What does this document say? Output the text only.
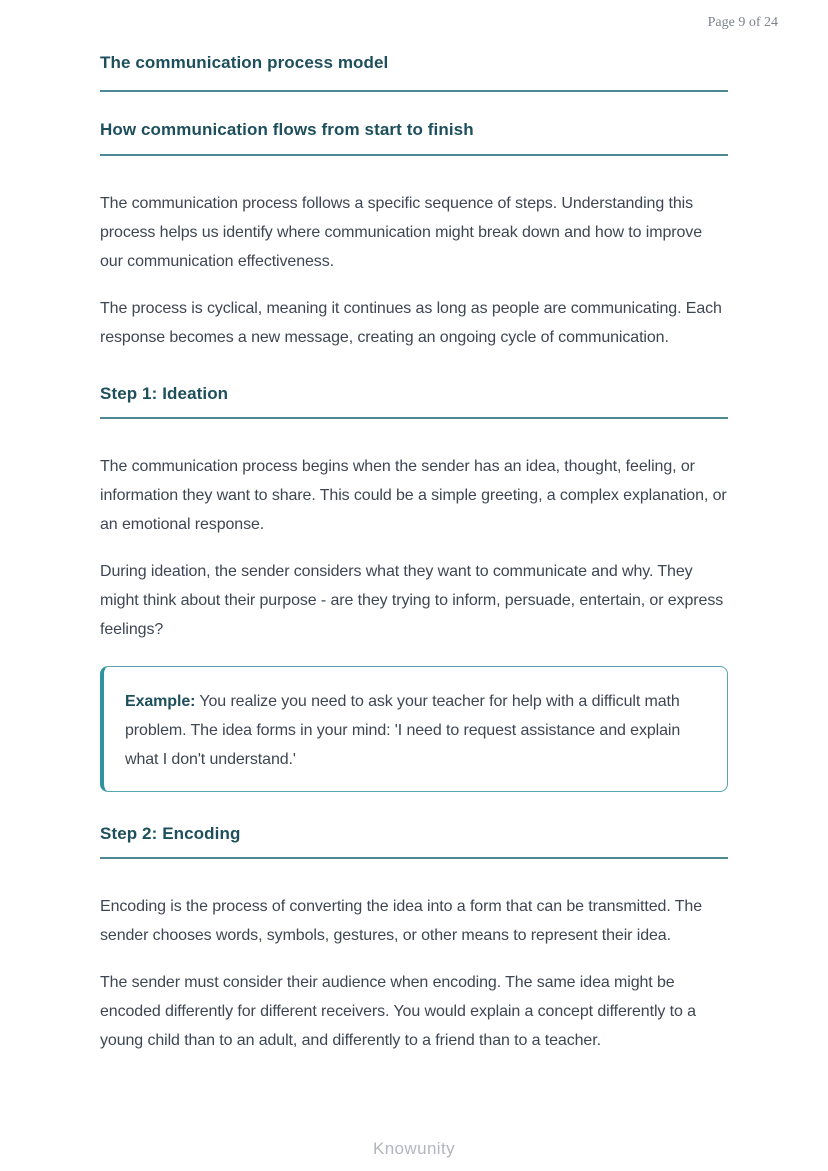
Page 9 of 24
The communication process model
How communication flows from start to finish

The communication process follows a specific sequence of steps. Understanding this process helps us identify where communication might break down and how to improve our communication effectiveness.

The process is cyclical, meaning it continues as long as people are communicating. Each response becomes a new message, creating an ongoing cycle of communication.

Step 1: Ideation

The communication process begins when the sender has an idea, thought, feeling, or information they want to share. This could be a simple greeting, a complex explanation, or an emotional response.

During ideation, the sender considers what they want to communicate and why. They might think about their purpose - are they trying to inform, persuade, entertain, or express feelings?

Example: You realize you need to ask your teacher for help with a difficult math problem. The idea forms in your mind: 'I need to request assistance and explain what I don't understand.'

Step 2: Encoding

Encoding is the process of converting the idea into a form that can be transmitted. The sender chooses words, symbols, gestures, or other means to represent their idea.

The sender must consider their audience when encoding. The same idea might be encoded differently for different receivers. You would explain a concept differently to a young child than to an adult, and differently to a friend than to a teacher.

Knowunity
